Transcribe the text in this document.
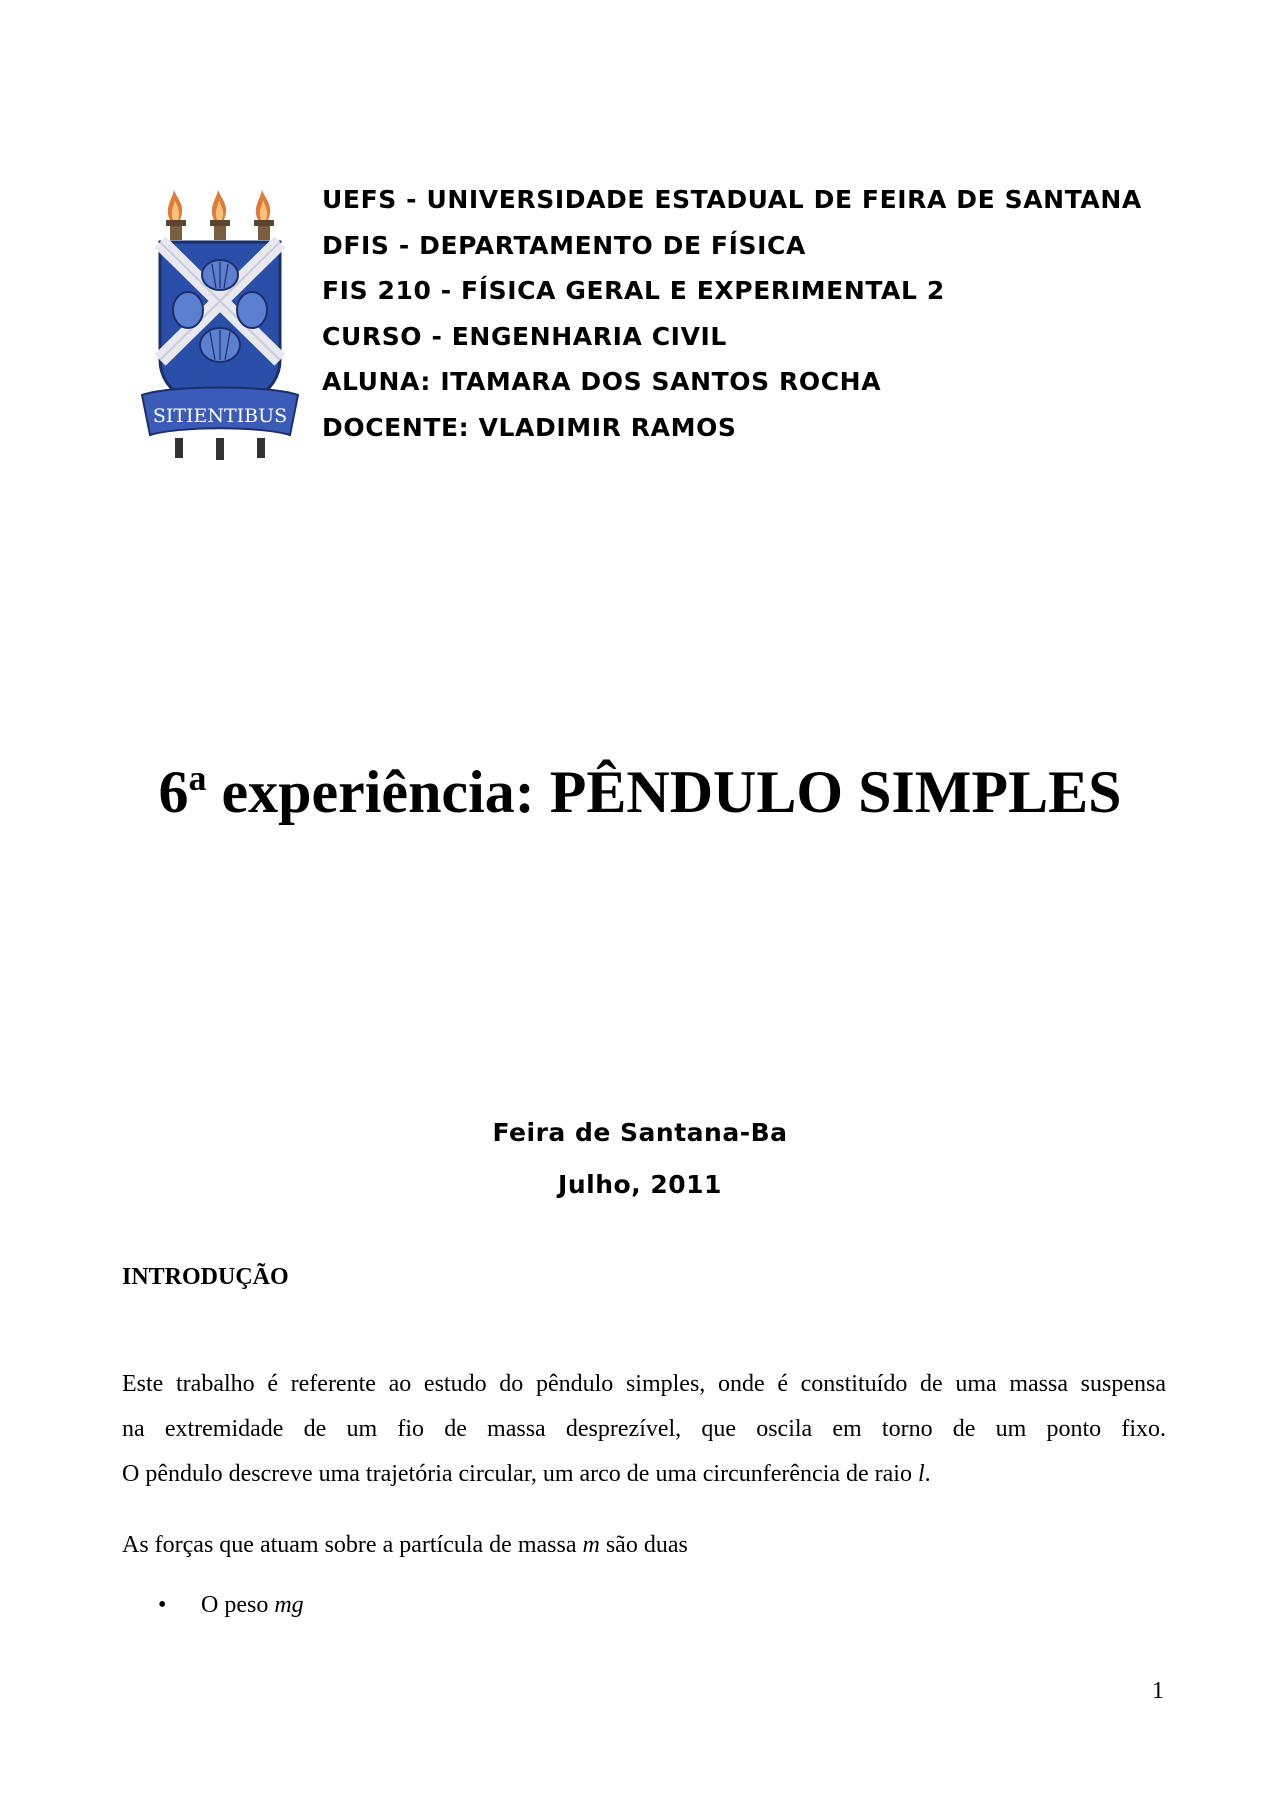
SITIENTIBUS
UEFS - UNIVERSIDADE ESTADUAL DE FEIRA DE SANTANA
DFIS - DEPARTAMENTO DE FÍSICA
FIS 210 - FÍSICA GERAL E EXPERIMENTAL 2
CURSO - ENGENHARIA CIVIL
ALUNA: ITAMARA DOS SANTOS ROCHA
DOCENTE: VLADIMIR RAMOS
6$^a$ experiência: PÊNDULO SIMPLES
Feira de Santana-Ba
Julho, 2011
INTRODUÇÃO
Este trabalho é referente ao estudo do pêndulo simples, onde é constituído de uma massa suspensa
na extremidade de um fio de massa desprezível, que oscila em torno de um ponto fixo.
O pêndulo descreve uma trajetória circular, um arco de uma circunferência de raio l.
As forças que atuam sobre a partícula de massa m são duas
• O peso mg
1
